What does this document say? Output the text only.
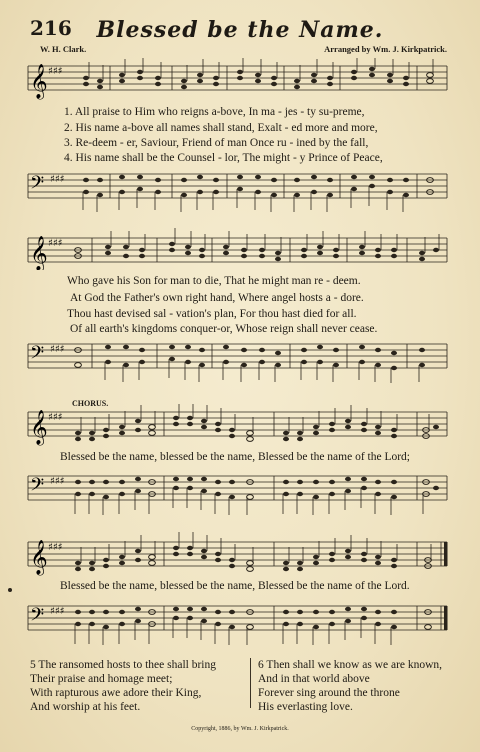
216	Blessed be the Name.
W. H. Clark.	Arranged by Wm. J. Kirkpatrick.
𝄞 ♯♯♯
1. All praise to Him who reigns a-bove, In ma - jes - ty su-preme,
2. His name a-bove all names shall stand, Exalt - ed more and more,
3. Re-deem - er, Saviour, Friend of man Once ru - ined by the fall,
4. His name shall be the Counsel - lor, The might - y Prince of Peace,
𝄢 ♯♯♯
𝄞 ♯♯♯
Who gave his Son for man to die, That he might man re - deem.
At God the Father's own right hand, Where angel hosts a - dore.
Thou hast devised sal - vation's plan, For thou hast died for all.
Of all earth's kingdoms conquer-or, Whose reign shall never cease.
𝄢 ♯♯♯
CHORUS.
𝄞 ♯♯♯
Blessed be the name, blessed be the name, Blessed be the name of the Lord;
𝄢 ♯♯♯
𝄞 ♯♯♯
Blessed be the name, blessed be the name, Blessed be the name of the Lord.
𝄢 ♯♯♯
5 The ransomed hosts to thee shall bring
Their praise and homage meet;
With rapturous awe adore their King,
And worship at his feet.
6 Then shall we know as we are known,
And in that world above
Forever sing around the throne
His everlasting love.
Copyright, 1886, by Wm. J. Kirkpatrick.
